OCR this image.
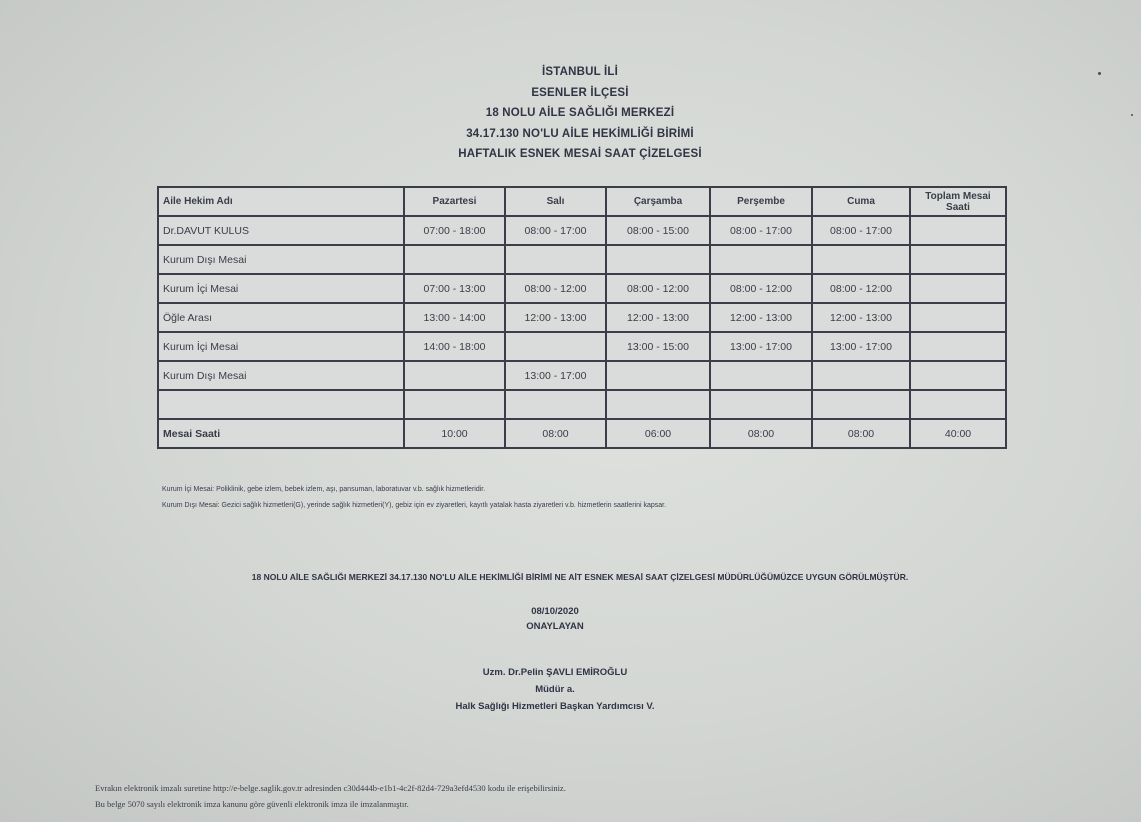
İSTANBUL İLİ
ESENLER İLÇESİ
18 NOLU AİLE SAĞLIĞI MERKEZİ
34.17.130 NO'LU AİLE HEKİMLİĞİ BİRİMİ
HAFTALIK ESNEK MESAİ SAAT ÇİZELGESİ
Aile Hekim Adı	Pazartesi	Salı	Çarşamba	Perşembe	Cuma	Toplam Mesai Saati
Dr.DAVUT KULUS	07:00 - 18:00	08:00 - 17:00	08:00 - 15:00	08:00 - 17:00	08:00 - 17:00	
Kurum Dışı Mesai						
Kurum İçi Mesai	07:00 - 13:00	08:00 - 12:00	08:00 - 12:00	08:00 - 12:00	08:00 - 12:00	
Öğle Arası	13:00 - 14:00	12:00 - 13:00	12:00 - 13:00	12:00 - 13:00	12:00 - 13:00	
Kurum İçi Mesai	14:00 - 18:00		13:00 - 15:00	13:00 - 17:00	13:00 - 17:00	
Kurum Dışı Mesai		13:00 - 17:00				

Mesai Saati	10:00	08:00	06:00	08:00	08:00	40:00
Kurum İçi Mesai: Poliklinik, gebe izlem, bebek izlem, aşı, pansuman, laboratuvar v.b. sağlık hizmetleridir.
Kurum Dışı Mesai: Gezici sağlık hizmetleri(G), yerinde sağlık hizmetleri(Y), gebiz için ev ziyaretleri, kayıtlı yatalak hasta ziyaretleri v.b. hizmetlerin saatlerini kapsar.
18 NOLU AİLE SAĞLIĞI MERKEZİ 34.17.130 NO'LU AİLE HEKİMLİĞİ BİRİMİ NE AİT ESNEK MESAİ SAAT ÇİZELGESİ MÜDÜRLÜĞÜMÜZCE UYGUN GÖRÜLMÜŞTÜR.
08/10/2020
ONAYLAYAN
Uzm. Dr.Pelin ŞAVLI EMİROĞLU
Müdür a.
Halk Sağlığı Hizmetleri Başkan Yardımcısı V.
Evrakın elektronik imzalı suretine http://e-belge.saglik.gov.tr adresinden c30d444b-e1b1-4c2f-82d4-729a3efd4530 kodu ile erişebilirsiniz.
Bu belge 5070 sayılı elektronik imza kanunu göre güvenli elektronik imza ile imzalanmıştır.
